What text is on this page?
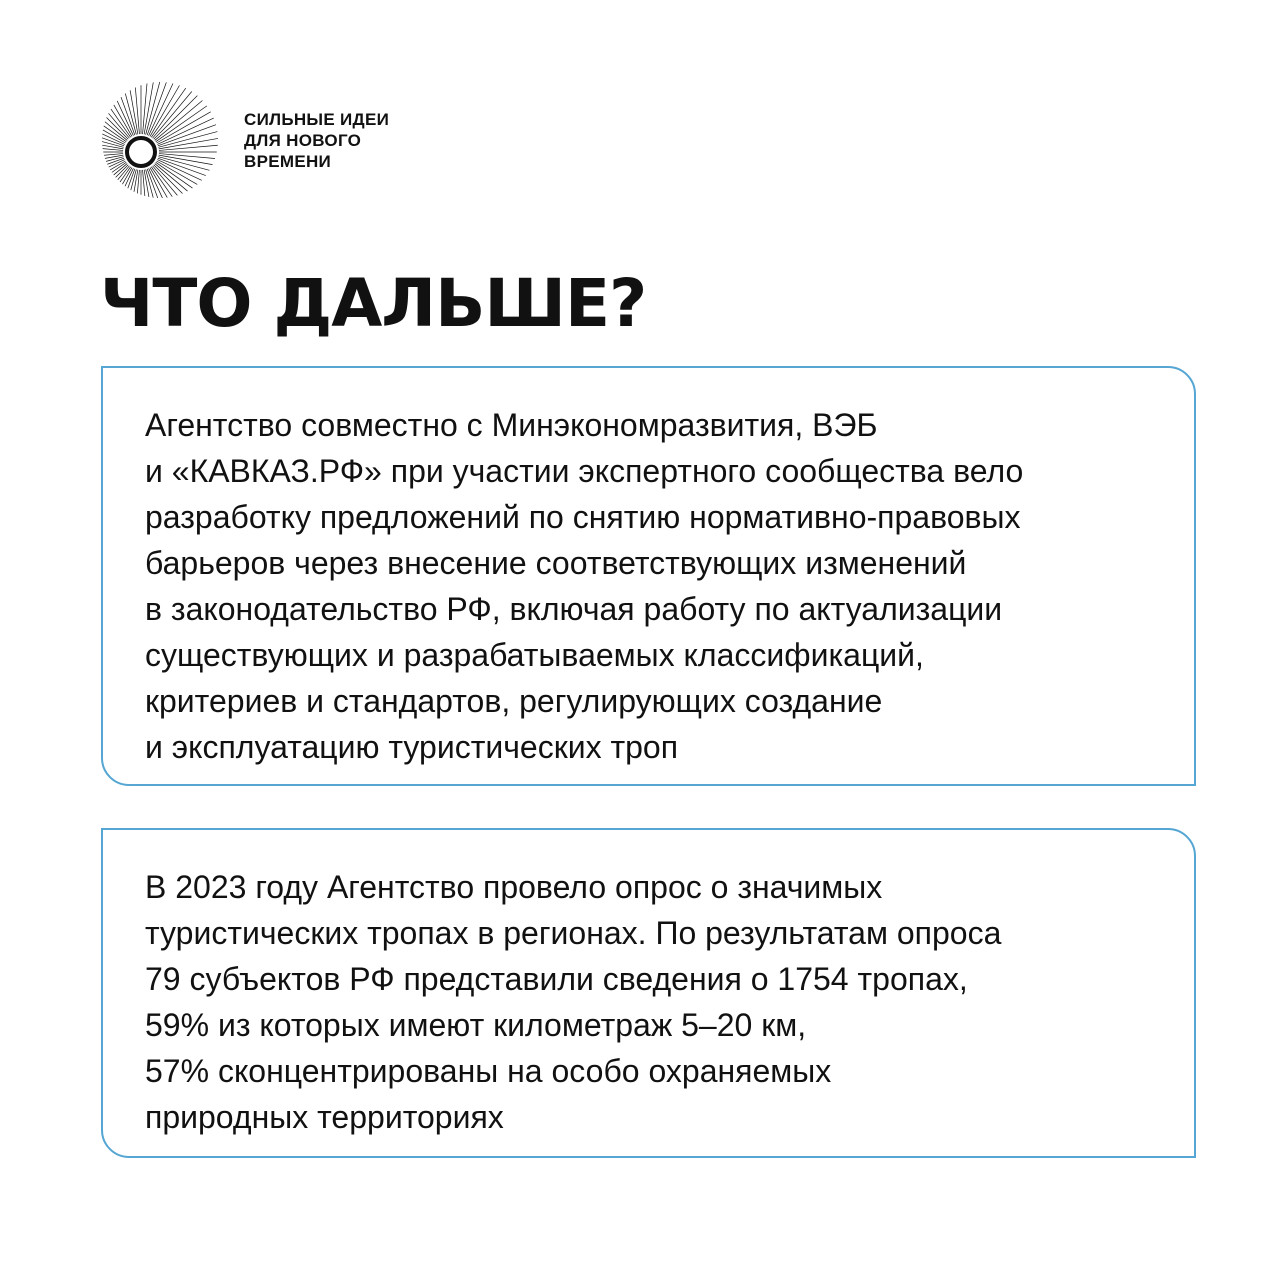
СИЛЬНЫЕ ИДЕИ
ДЛЯ НОВОГО
ВРЕМЕНИ
ЧТО ДАЛЬШЕ?
Агентство совместно с Минэкономразвития, ВЭБ
и «КАВКАЗ.РФ» при участии экспертного сообщества вело
разработку предложений по снятию нормативно-правовых
барьеров через внесение соответствующих изменений
в законодательство РФ, включая работу по актуализации
существующих и разрабатываемых классификаций,
критериев и стандартов, регулирующих создание
и эксплуатацию туристических троп
В 2023 году Агентство провело опрос о значимых
туристических тропах в регионах. По результатам опроса
79 субъектов РФ представили сведения о 1754 тропах,
59% из которых имеют километраж 5–20 км,
57% сконцентрированы на особо охраняемых
природных территориях
